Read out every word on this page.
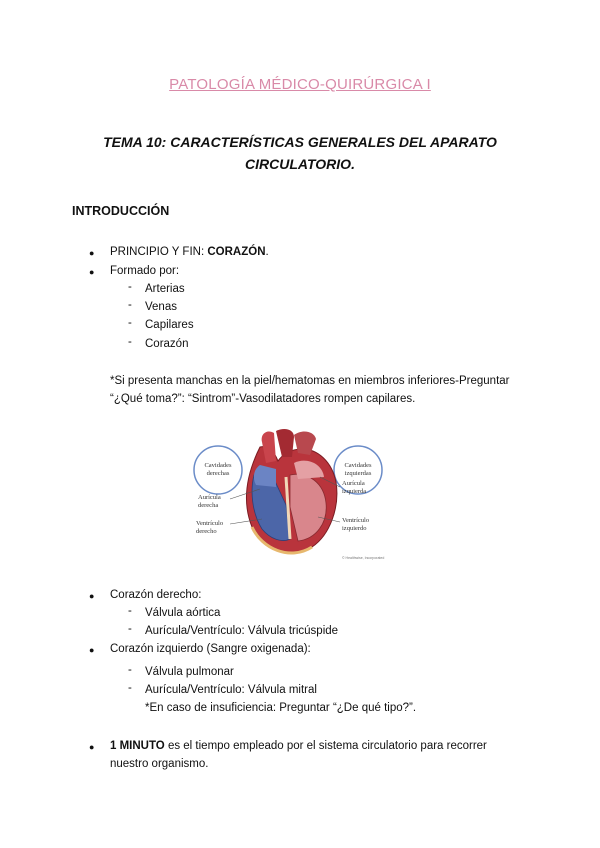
PATOLOGÍA MÉDICO-QUIRÚRGICA I
TEMA 10: CARACTERÍSTICAS GENERALES DEL APARATO
CIRCULATORIO.
INTRODUCCIÓN
● PRINCIPIO Y FIN: CORAZÓN.
● Formado por:
- Arterias
- Venas
- Capilares
- Corazón
*Si presenta manchas en la piel/hematomas en miembros inferiores-Preguntar
“¿Qué toma?”: “Sintrom”-Vasodilatadores rompen capilares.
Cavidades
derechas
Cavidades
izquierdas
Aurícula
derecha
Ventrículo
derecho
Aurícula
izquierda
Ventrículo
izquierdo
© Healthwise, Incorporated
● Corazón derecho:
- Válvula aórtica
- Aurícula/Ventrículo: Válvula tricúspide
● Corazón izquierdo (Sangre oxigenada):
- Válvula pulmonar
- Aurícula/Ventrículo: Válvula mitral
*En caso de insuficiencia: Preguntar “¿De qué tipo?”.
● 1 MINUTO es el tiempo empleado por el sistema circulatorio para recorrer
nuestro organismo.
